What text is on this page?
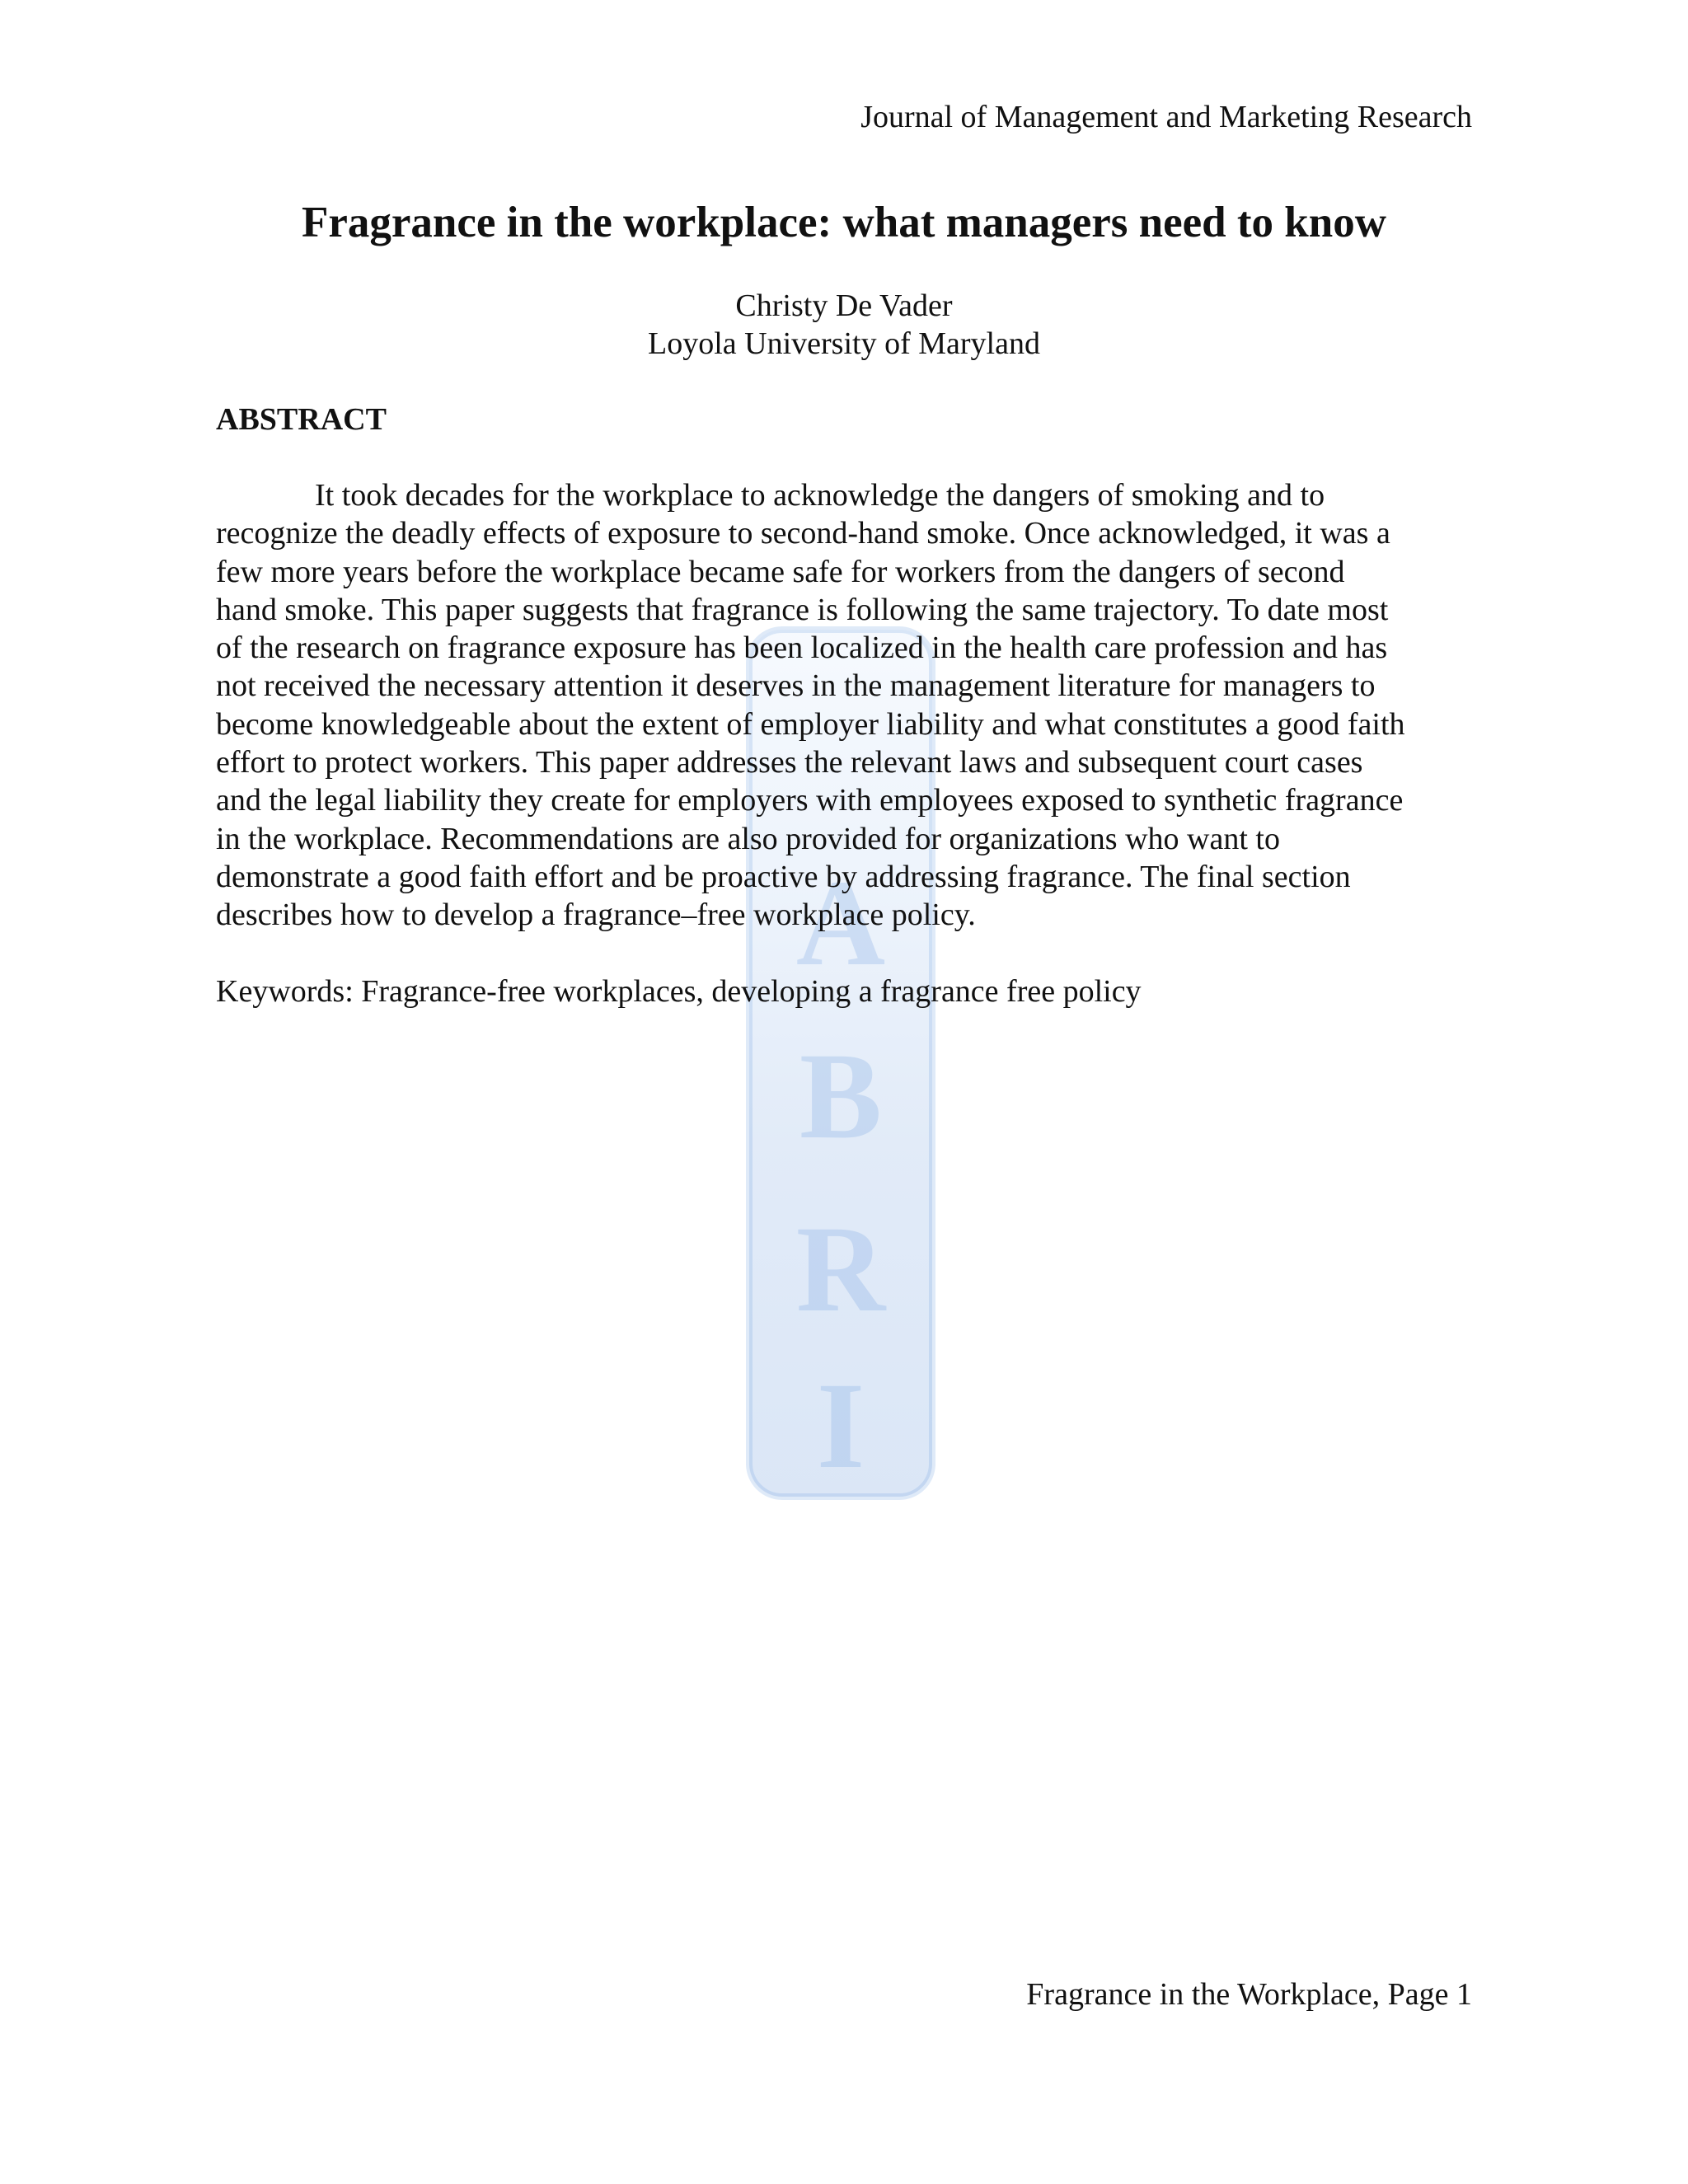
A
B
R
I
Journal of Management and Marketing Research
Fragrance in the workplace: what managers need to know
Christy De Vader
Loyola University of Maryland
ABSTRACT

It took decades for the workplace to acknowledge the dangers of smoking and to
recognize the deadly effects of exposure to second-hand smoke. Once acknowledged, it was a
few more years before the workplace became safe for workers from the dangers of second
hand smoke. This paper suggests that fragrance is following the same trajectory. To date most
of the research on fragrance exposure has been localized in the health care profession and has
not received the necessary attention it deserves in the management literature for managers to
become knowledgeable about the extent of employer liability and what constitutes a good faith
effort to protect workers. This paper addresses the relevant laws and subsequent court cases
and the legal liability they create for employers with employees exposed to synthetic fragrance
in the workplace. Recommendations are also provided for organizations who want to
demonstrate a good faith effort and be proactive by addressing fragrance. The final section
describes how to develop a fragrance–free workplace policy.

Keywords: Fragrance-free workplaces, developing a fragrance free policy

Fragrance in the Workplace, Page 1
